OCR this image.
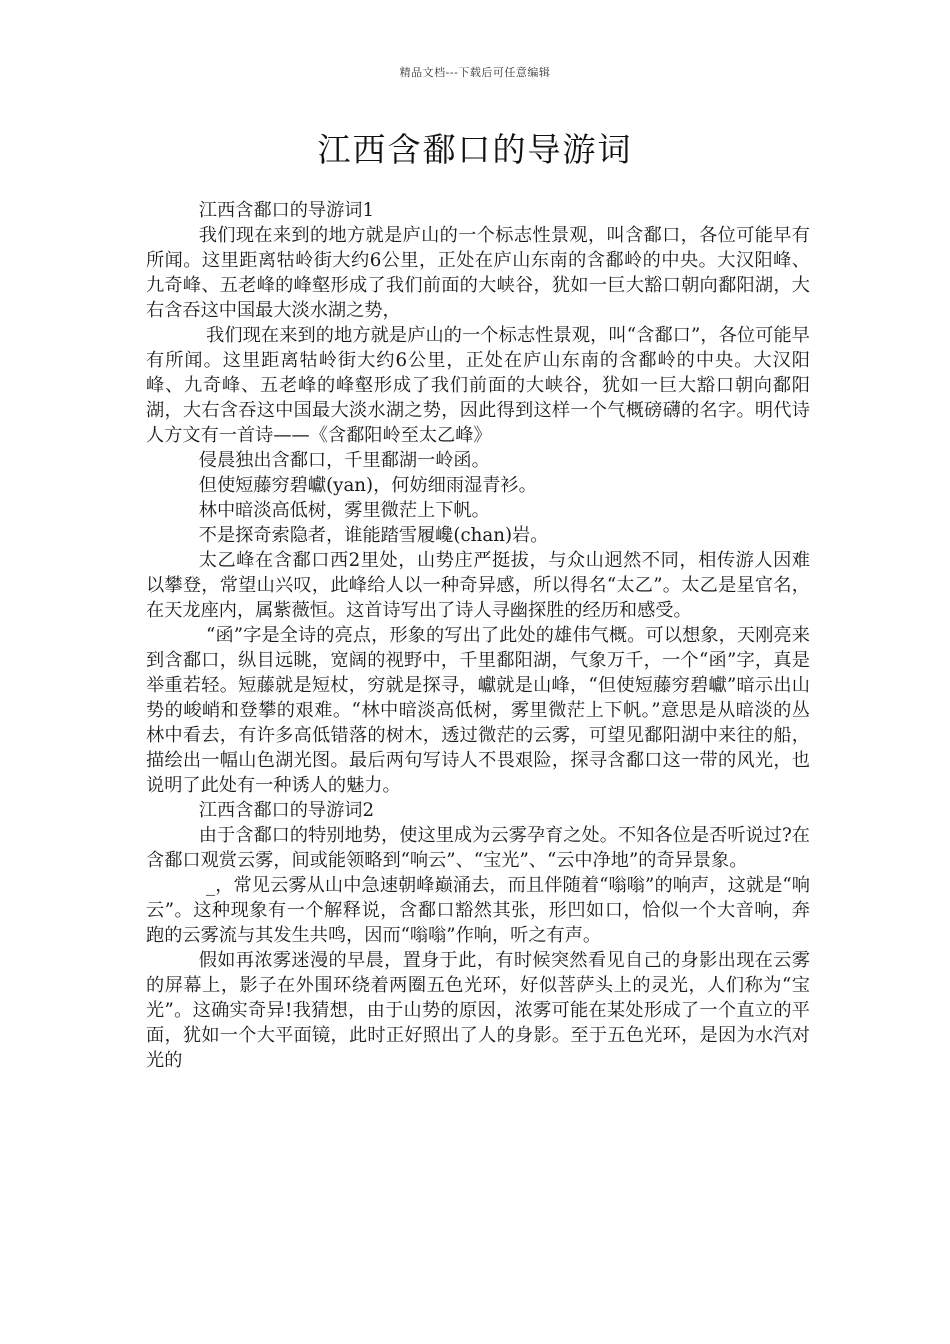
精品文档---下载后可任意编辑
江西含鄱口的导游词

江西含鄱口的导游词1

我们现在来到的地方就是庐山的一个标志性景观，叫含鄱口，各位可能早有所闻。这里距离牯岭街大约6公里，正处在庐山东南的含鄱岭的中央。大汉阳峰、九奇峰、五老峰的峰壑形成了我们前面的大峡谷，犹如一巨大豁口朝向鄱阳湖，大右含吞这中国最大淡水湖之势，

我们现在来到的地方就是庐山的一个标志性景观，叫“含鄱口”，各位可能早有所闻。这里距离牯岭街大约6公里，正处在庐山东南的含鄱岭的中央。大汉阳峰、九奇峰、五老峰的峰壑形成了我们前面的大峡谷，犹如一巨大豁口朝向鄱阳湖，大右含吞这中国最大淡水湖之势，因此得到这样一个气概磅礴的名字。明代诗人方文有一首诗——《含鄱阳岭至太乙峰》

侵晨独出含鄱口，千里鄱湖一岭函。

但使短藤穷碧巘(yan)，何妨细雨湿青衫。

林中暗淡高低树，雾里微茫上下帆。

不是探奇索隐者，谁能踏雪履巉(chan)岩。

太乙峰在含鄱口西2里处，山势庄严挺拔，与众山迥然不同，相传游人因难以攀登，常望山兴叹，此峰给人以一种奇异感，所以得名“太乙”。太乙是星官名，在天龙座内，属紫薇恒。这首诗写出了诗人寻幽探胜的经历和感受。

“函”字是全诗的亮点，形象的写出了此处的雄伟气概。可以想象，天刚亮来到含鄱口，纵目远眺，宽阔的视野中，千里鄱阳湖，气象万千，一个“函”字，真是举重若轻。短藤就是短杖，穷就是探寻，巘就是山峰，“但使短藤穷碧巘”暗示出山势的峻峭和登攀的艰难。“林中暗淡高低树，雾里微茫上下帆。”意思是从暗淡的丛林中看去，有许多高低错落的树木，透过微茫的云雾，可望见鄱阳湖中来往的船，描绘出一幅山色湖光图。最后两句写诗人不畏艰险，探寻含鄱口这一带的风光，也说明了此处有一种诱人的魅力。

江西含鄱口的导游词2

由于含鄱口的特别地势，使这里成为云雾孕育之处。不知各位是否听说过?在含鄱口观赏云雾，间或能领略到“响云”、“宝光”、“云中净地”的奇异景象。

_，常见云雾从山中急速朝峰巅涌去，而且伴随着“嗡嗡”的响声，这就是“响云”。这种现象有一个解释说，含鄱口豁然其张，形凹如口，恰似一个大音响，奔跑的云雾流与其发生共鸣，因而“嗡嗡”作响，听之有声。

假如再浓雾迷漫的早晨，置身于此，有时候突然看见自己的身影出现在云雾的屏幕上，影子在外围环绕着两圈五色光环，好似菩萨头上的灵光，人们称为“宝光”。这确实奇异!我猜想，由于山势的原因，浓雾可能在某处形成了一个直立的平面，犹如一个大平面镜，此时正好照出了人的身影。至于五色光环，是因为水汽对光的
